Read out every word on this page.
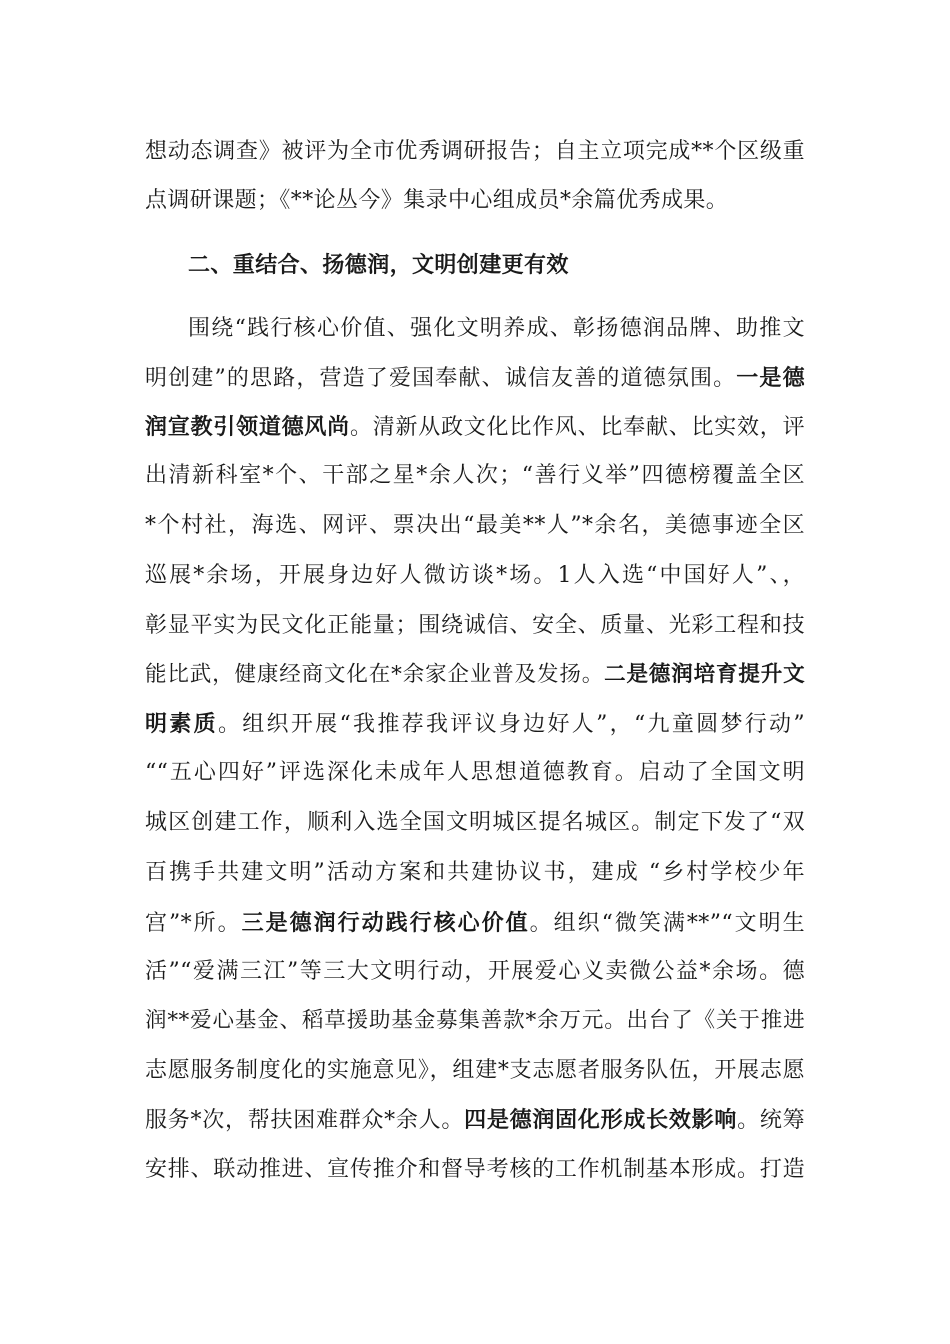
想动态调查》被评为全市优秀调研报告；自主立项完成**个区级重
点调研课题；《**论丛今》集录中心组成员*余篇优秀成果。
二、重结合、扬德润，文明创建更有效
围绕“践行核心价值、强化文明养成、彰扬德润品牌、助推文
明创建”的思路，营造了爱国奉献、诚信友善的道德氛围。一是德
润宣教引领道德风尚。清新从政文化比作风、比奉献、比实效，评
出清新科室*个、干部之星*余人次；“善行义举”四德榜覆盖全区
*个村社，海选、网评、票决出“最美**人”*余名，美德事迹全区
巡展*余场，开展身边好人微访谈*场。1人入选“中国好人”、，
彰显平实为民文化正能量；围绕诚信、安全、质量、光彩工程和技
能比武，健康经商文化在*余家企业普及发扬。二是德润培育提升文
明素质。组织开展“我推荐我评议身边好人”，“九童圆梦行动”
““五心四好”评选深化未成年人思想道德教育。启动了全国文明
城区创建工作，顺利入选全国文明城区提名城区。制定下发了“双
百携手共建文明”活动方案和共建协议书，建成 “乡村学校少年
宫”*所。三是德润行动践行核心价值。组织“微笑满**”“文明生
活”“爱满三江”等三大文明行动，开展爱心义卖微公益*余场。德
润**爱心基金、稻草援助基金募集善款*余万元。出台了《关于推进
志愿服务制度化的实施意见》，组建*支志愿者服务队伍，开展志愿
服务*次，帮扶困难群众*余人。四是德润固化形成长效影响。统筹
安排、联动推进、宣传推介和督导考核的工作机制基本形成。打造
